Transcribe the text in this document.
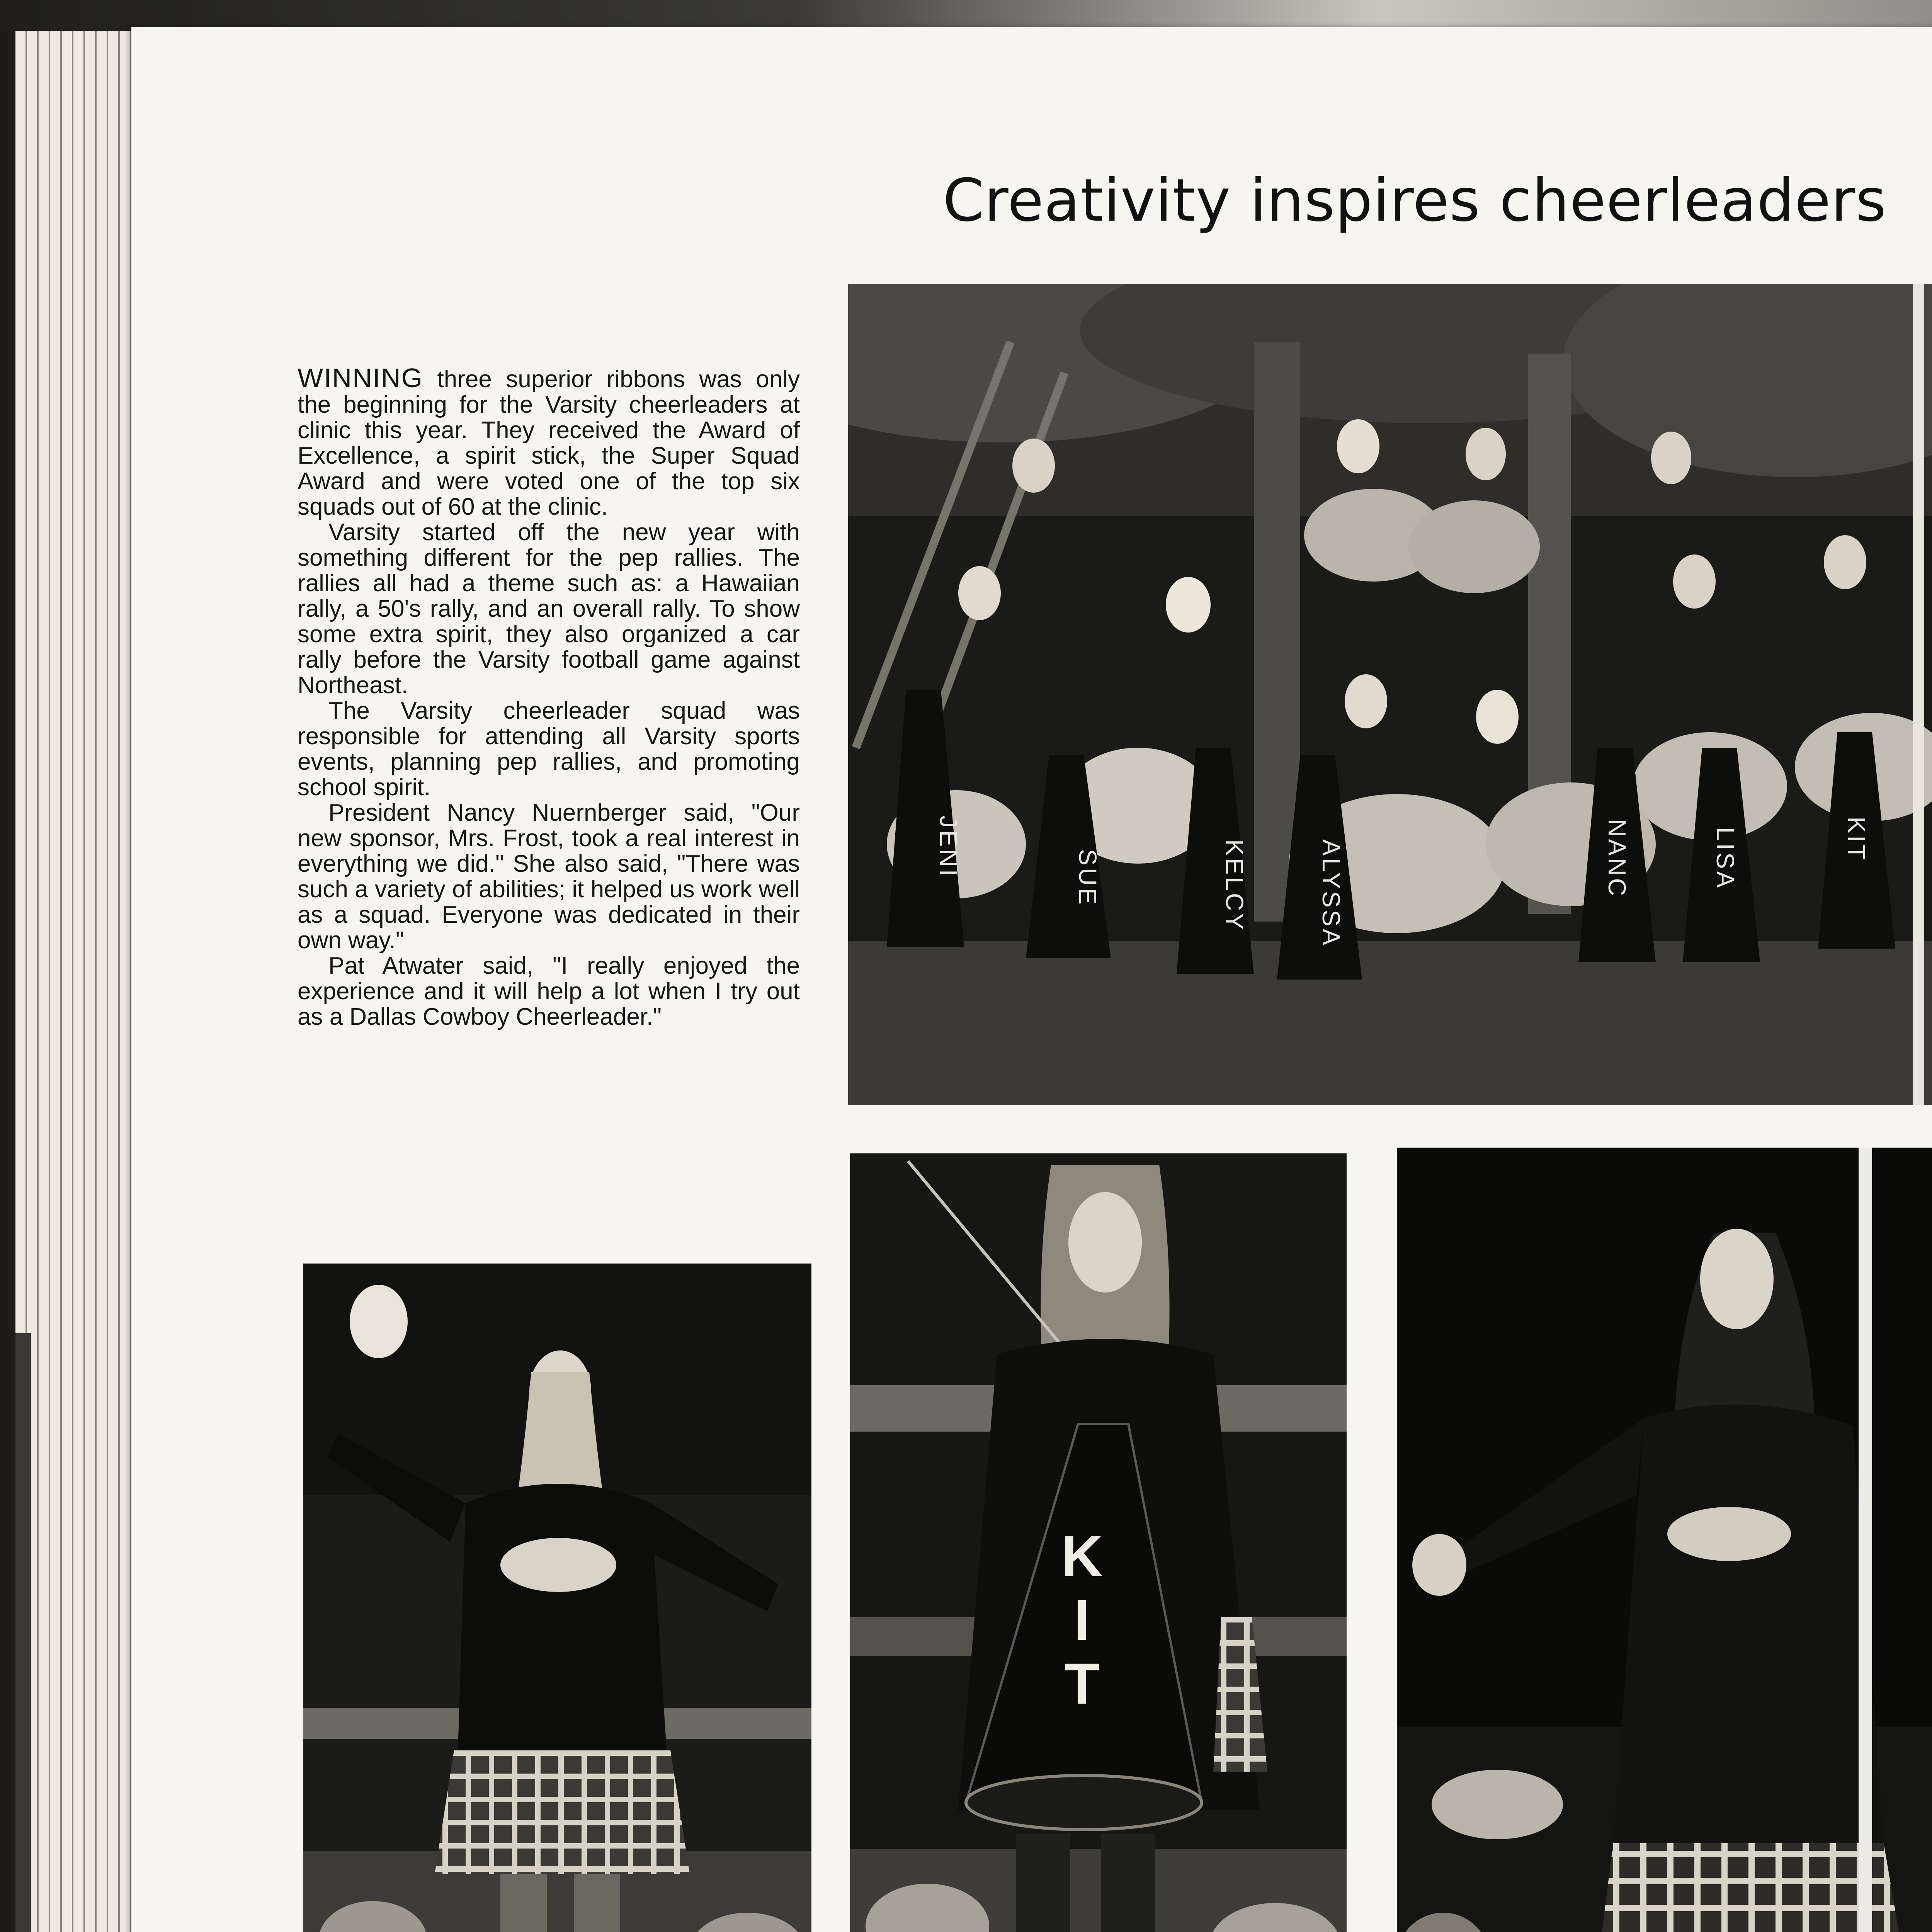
Creativity inspires cheerleaders

WINNING three superior ribbons was only the beginning for the Varsity cheerleaders at clinic this year. They received the Award of Excellence, a spirit stick, the Super Squad Award and were voted one of the top six squads out of 60 at the clinic.

Varsity started off the new year with something different for the pep rallies. The rallies all had a theme such as: a Hawaiian rally, a 50's rally, and an overall rally. To show some extra spirit, they also organized a car rally before the Varsity football game against Northeast.

The Varsity cheerleader squad was responsible for attending all Varsity sports events, planning pep rallies, and promoting school spirit.

President Nancy Nuernberger said, "Our new sponsor, Mrs. Frost, took a real interest in everything we did." She also said, "There was such a variety of abilities; it helped us work well as a squad. Everyone was dedicated in their own way."

Pat Atwater said, "I really enjoyed the experience and it will help a lot when I try out as a Dallas Cowboy Cheerleader."

JENI	SUE	KELCY	ALYSSA	NANC	LISA	KIT
KIT
